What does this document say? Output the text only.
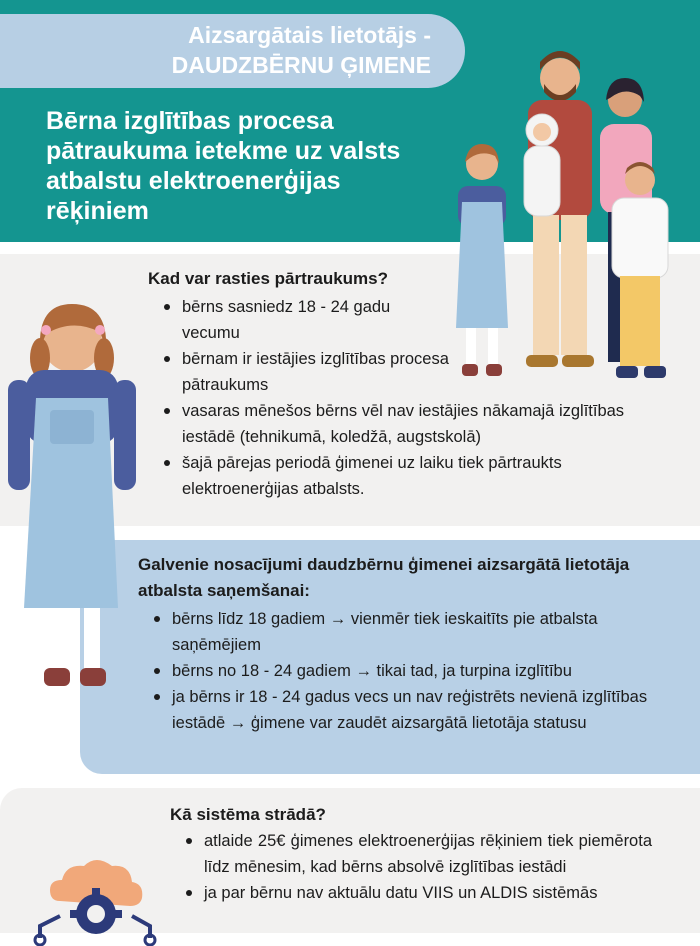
Aizsargātais lietotājs -
DAUDZBĒRNU ĢIMENE
Bērna izglītības procesa pātraukuma ietekme uz valsts atbalstu elektroenerģijas rēķiniem
Kad var rasties pārtraukums?
bērns sasniedz 18 - 24 gadu vecumu
bērnam ir iestājies izglītības procesa pātraukums
vasaras mēnešos bērns vēl nav iestājies nākamajā izglītības iestādē (tehnikumā, koledžā, augstskolā)
šajā pārejas periodā ģimenei uz laiku tiek pārtraukts elektroenerģijas atbalsts.
Galvenie nosacījumi daudzbērnu ģimenei aizsargātā lietotāja atbalsta saņemšanai:
bērns līdz 18 gadiem → vienmēr tiek ieskaitīts pie atbalsta saņēmējiem
bērns no 18 - 24 gadiem → tikai tad, ja turpina izglītību
ja bērns ir 18 - 24 gadus vecs un nav reģistrēts nevienā izglītības iestādē → ģimene var zaudēt aizsargātā lietotāja statusu
Kā sistēma strādā?
atlaide 25€ ģimenes elektroenerģijas rēķiniem tiek piemērota līdz mēnesim, kad bērns absolvē izglītības iestādi
ja par bērnu nav aktuālu datu VIIS un ALDIS sistēmās
